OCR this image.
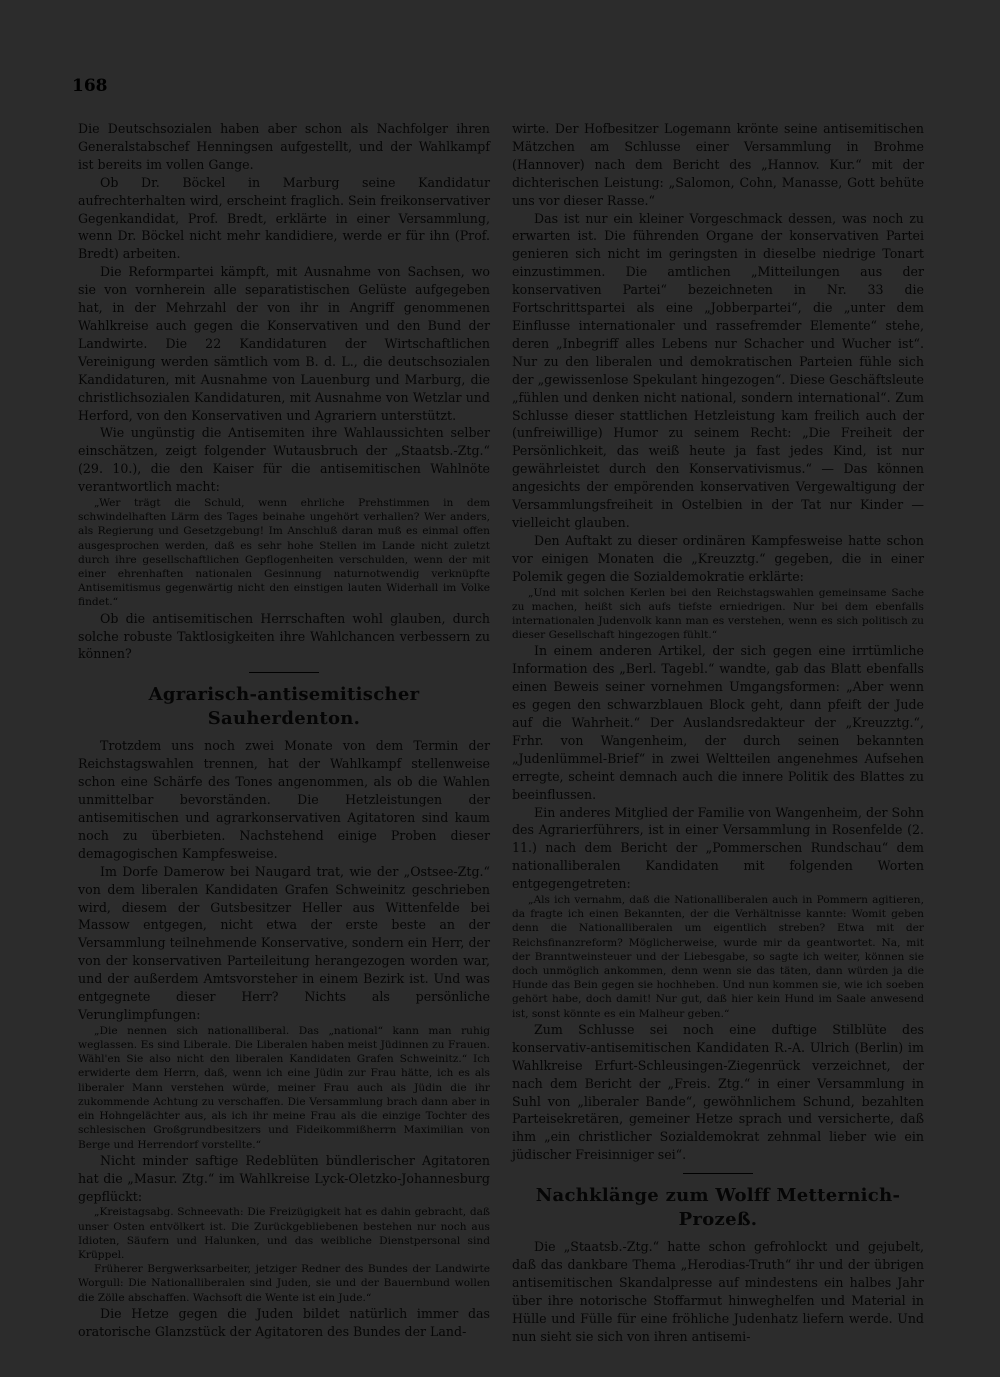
168

Die Deutschsozialen haben aber schon als Nachfolger ihren Generalstabschef Henningsen aufgestellt, und der Wahlkampf ist bereits im vollen Gange.

Ob Dr. Böckel in Marburg seine Kandidatur aufrechterhalten wird, erscheint fraglich. Sein freikonservativer Gegenkandidat, Prof. Bredt, erklärte in einer Versammlung, wenn Dr. Böckel nicht mehr kandidiere, werde er für ihn (Prof. Bredt) arbeiten.

Die Reformpartei kämpft, mit Ausnahme von Sachsen, wo sie von vornherein alle separatistischen Gelüste aufgegeben hat, in der Mehrzahl der von ihr in Angriff genommenen Wahlkreise auch gegen die Konservativen und den Bund der Landwirte. Die 22 Kandidaturen der Wirtschaftlichen Vereinigung werden sämtlich vom B. d. L., die deutschsozialen Kandidaturen, mit Ausnahme von Lauenburg und Marburg, die christlichsozialen Kandidaturen, mit Ausnahme von Wetzlar und Herford, von den Konservativen und Agrariern unterstützt.

Wie ungünstig die Antisemiten ihre Wahlaussichten selber einschätzen, zeigt folgender Wutausbruch der „Staatsb.-Ztg.“ (29. 10.), die den Kaiser für die antisemitischen Wahlnöte verantwortlich macht:

„Wer trägt die Schuld, wenn ehrliche Prehstimmen in dem schwindelhaften Lärm des Tages beinahe ungehört verhallen? Wer anders, als Regierung und Gesetzgebung! Im Anschluß daran muß es einmal offen ausgesprochen werden, daß es sehr hohe Stellen im Lande nicht zuletzt durch ihre gesellschaftlichen Gepflogenheiten verschulden, wenn der mit einer ehrenhaften nationalen Gesinnung naturnotwendig verknüpfte Antisemitismus gegenwärtig nicht den einstigen lauten Widerhall im Volke findet.“

Ob die antisemitischen Herrschaften wohl glauben, durch solche robuste Taktlosigkeiten ihre Wahlchancen verbessern zu können?

Agrarisch-antisemitischer Sauherdenton.

Trotzdem uns noch zwei Monate von dem Termin der Reichstagswahlen trennen, hat der Wahlkampf stellenweise schon eine Schärfe des Tones angenommen, als ob die Wahlen unmittelbar bevorständen. Die Hetzleistungen der antisemitischen und agrarkonservativen Agitatoren sind kaum noch zu überbieten. Nachstehend einige Proben dieser demagogischen Kampfesweise.

Im Dorfe Damerow bei Naugard trat, wie der „Ostsee-Ztg.“ von dem liberalen Kandidaten Grafen Schweinitz geschrieben wird, diesem der Gutsbesitzer Heller aus Wittenfelde bei Massow entgegen, nicht etwa der erste beste an der Versammlung teilnehmende Konservative, sondern ein Herr, der von der konservativen Parteileitung herangezogen worden war, und der außerdem Amtsvorsteher in einem Bezirk ist. Und was entgegnete dieser Herr? Nichts als persönliche Verunglimpfungen:

„Die nennen sich nationalliberal. Das „national“ kann man ruhig weglassen. Es sind Liberale. Die Liberalen haben meist Jüdinnen zu Frauen. Wähl'en Sie also nicht den liberalen Kandidaten Grafen Schweinitz.“ Ich erwiderte dem Herrn, daß, wenn ich eine Jüdin zur Frau hätte, ich es als liberaler Mann verstehen würde, meiner Frau auch als Jüdin die ihr zukommende Achtung zu verschaffen. Die Versammlung brach dann aber in ein Hohngelächter aus, als ich ihr meine Frau als die einzige Tochter des schlesischen Großgrundbesitzers und Fideikommißherrn Maximilian von Berge und Herrendorf vorstellte.“

Nicht minder saftige Redeblüten bündlerischer Agitatoren hat die „Masur. Ztg.“ im Wahlkreise Lyck-Oletzko-Johannesburg gepflückt:

„Kreistagsabg. Schneevath: Die Freizügigkeit hat es dahin gebracht, daß unser Osten entvölkert ist. Die Zurückgebliebenen bestehen nur noch aus Idioten, Säufern und Halunken, und das weibliche Dienstpersonal sind Krüppel.

Früherer Bergwerksarbeiter, jetziger Redner des Bundes der Landwirte Worgull: Die Nationalliberalen sind Juden, sie und der Bauernbund wollen die Zölle abschaffen. Wachsoft die Wente ist ein Jude.“

Die Hetze gegen die Juden bildet natürlich immer das oratorische Glanzstück der Agitatoren des Bundes der Land-

wirte. Der Hofbesitzer Logemann krönte seine antisemitischen Mätzchen am Schlusse einer Versammlung in Brohme (Hannover) nach dem Bericht des „Hannov. Kur.“ mit der dichterischen Leistung: „Salomon, Cohn, Manasse, Gott behüte uns vor dieser Rasse.“

Das ist nur ein kleiner Vorgeschmack dessen, was noch zu erwarten ist. Die führenden Organe der konservativen Partei genieren sich nicht im geringsten in dieselbe niedrige Tonart einzustimmen. Die amtlichen „Mitteilungen aus der konservativen Partei“ bezeichneten in Nr. 33 die Fortschrittspartei als eine „Jobberpartei“, die „unter dem Einflusse internationaler und rassefremder Elemente“ stehe, deren „Inbegriff alles Lebens nur Schacher und Wucher ist“. Nur zu den liberalen und demokratischen Parteien fühle sich der „gewissenlose Spekulant hingezogen“. Diese Geschäftsleute „fühlen und denken nicht national, sondern international“. Zum Schlusse dieser stattlichen Hetzleistung kam freilich auch der (unfreiwillige) Humor zu seinem Recht: „Die Freiheit der Persönlichkeit, das weiß heute ja fast jedes Kind, ist nur gewährleistet durch den Konservativismus.“ — Das können angesichts der empörenden konservativen Vergewaltigung der Versammlungsfreiheit in Ostelbien in der Tat nur Kinder — vielleicht glauben.

Den Auftakt zu dieser ordinären Kampfesweise hatte schon vor einigen Monaten die „Kreuzztg.“ gegeben, die in einer Polemik gegen die Sozialdemokratie erklärte:

„Und mit solchen Kerlen bei den Reichstagswahlen gemeinsame Sache zu machen, heißt sich aufs tiefste erniedrigen. Nur bei dem ebenfalls internationalen Judenvolk kann man es verstehen, wenn es sich politisch zu dieser Gesellschaft hingezogen fühlt.“

In einem anderen Artikel, der sich gegen eine irrtümliche Information des „Berl. Tagebl.“ wandte, gab das Blatt ebenfalls einen Beweis seiner vornehmen Umgangsformen: „Aber wenn es gegen den schwarzblauen Block geht, dann pfeift der Jude auf die Wahrheit.“ Der Auslandsredakteur der „Kreuzztg.“, Frhr. von Wangenheim, der durch seinen bekannten „Judenlümmel-Brief“ in zwei Weltteilen angenehmes Aufsehen erregte, scheint demnach auch die innere Politik des Blattes zu beeinflussen.

Ein anderes Mitglied der Familie von Wangenheim, der Sohn des Agrarierführers, ist in einer Versammlung in Rosenfelde (2. 11.) nach dem Bericht der „Pommerschen Rundschau“ dem nationalliberalen Kandidaten mit folgenden Worten entgegengetreten:

„Als ich vernahm, daß die Nationalliberalen auch in Pommern agitieren, da fragte ich einen Bekannten, der die Verhältnisse kannte: Womit geben denn die Nationalliberalen um eigentlich streben? Etwa mit der Reichsfinanzreform? Möglicherweise, wurde mir da geantwortet. Na, mit der Branntweinsteuer und der Liebesgabe, so sagte ich weiter, können sie doch unmöglich ankommen, denn wenn sie das täten, dann würden ja die Hunde das Bein gegen sie hochheben. Und nun kommen sie, wie ich soeben gehört habe, doch damit! Nur gut, daß hier kein Hund im Saale anwesend ist, sonst könnte es ein Malheur geben.“

Zum Schlusse sei noch eine duftige Stilblüte des konservativ-antisemitischen Kandidaten R.-A. Ulrich (Berlin) im Wahlkreise Erfurt-Schleusingen-Ziegenrück verzeichnet, der nach dem Bericht der „Freis. Ztg.“ in einer Versammlung in Suhl von „liberaler Bande“, gewöhnlichem Schund, bezahlten Parteisekretären, gemeiner Hetze sprach und versicherte, daß ihm „ein christlicher Sozialdemokrat zehnmal lieber wie ein jüdischer Freisinniger sei“.

Nachklänge zum Wolff Metternich-Prozeß.

Die „Staatsb.-Ztg.“ hatte schon gefrohlockt und gejubelt, daß das dankbare Thema „Herodias-Truth“ ihr und der übrigen antisemitischen Skandalpresse auf mindestens ein halbes Jahr über ihre notorische Stoffarmut hinweghelfen und Material in Hülle und Fülle für eine fröhliche Judenhatz liefern werde. Und nun sieht sie sich von ihren antisemi-
